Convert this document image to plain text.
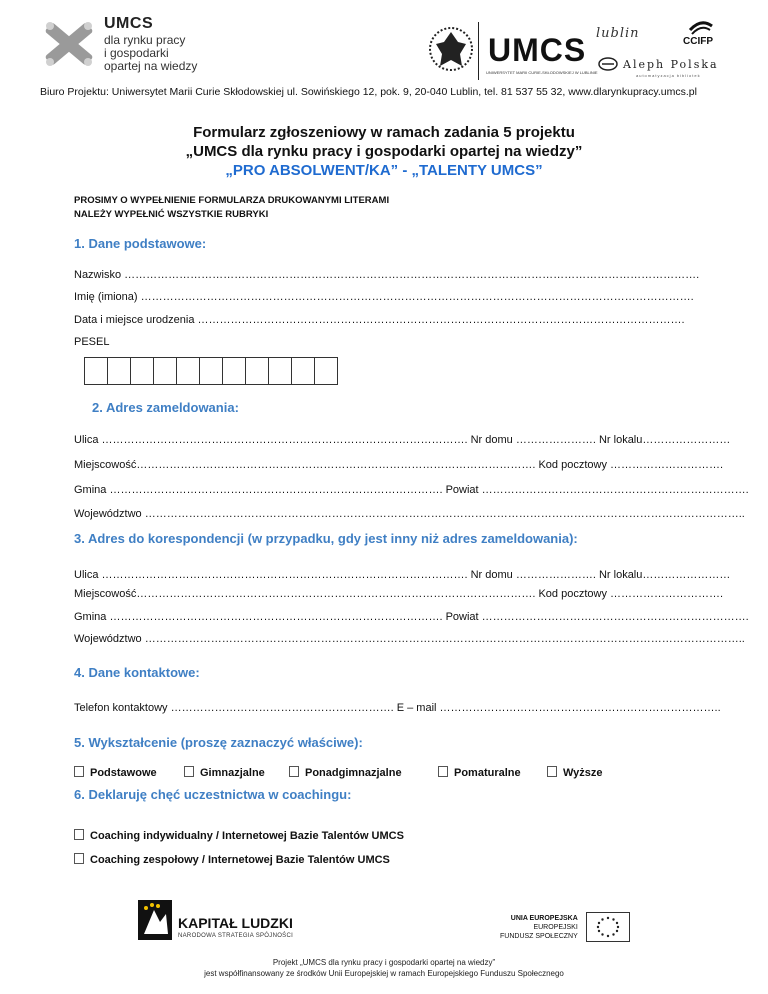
UMCS
dla rynku pracy
i gospodarki
opartej na wiedzy	UMCS
UNIWERSYTET MARII CURIE-SKŁODOWSKIEJ W LUBLINIE
lublin
CCIFP
Aleph Polska
automatyzacja bibliotek
Biuro Projektu: Uniwersytet Marii Curie Skłodowskiej ul. Sowińskiego 12, pok. 9, 20-040 Lublin, tel. 81 537 55 32, www.dlarynkupracy.umcs.pl
Formularz zgłoszeniowy w ramach zadania 5 projektu
„UMCS dla rynku pracy i gospodarki opartej na wiedzy”
„PRO ABSOLWENT/KA” - „TALENTY UMCS”
PROSIMY O WYPEŁNIENIE FORMULARZA DRUKOWANYMI LITERAMI
NALEŻY WYPEŁNIĆ WSZYSTKIE RUBRYKI
1. Dane podstawowe:
Nazwisko ………………………………………………………………………………………………………………………………………….
Imię (imiona) …………………………………………………………………………………………………………………………………….
Data i miejsce urodzenia …………………………………………………………………………………………………………………….
PESEL
2. Adres zameldowania:
Ulica ………………………………………………………………………………………. Nr domu …………………. Nr lokalu……………………
Miejscowość………………………………………………………………………………………………. Kod pocztowy ………………………….
Gmina ………………………………………………………………………………. Powiat ……………………………………………………………….
Województwo ………………………………………………………………………………………………………………………………………………..
3. Adres do korespondencji (w przypadku, gdy jest inny niż adres zameldowania):
Ulica ………………………………………………………………………………………. Nr domu …………………. Nr lokalu……………………
Miejscowość………………………………………………………………………………………………. Kod pocztowy ………………………….
Gmina ………………………………………………………………………………. Powiat ……………………………………………………………….
Województwo ………………………………………………………………………………………………………………………………………………..
4. Dane kontaktowe:
Telefon kontaktowy ……………………………………………………. E – mail …………………………………………………………………..
5. Wykształcenie (proszę zaznaczyć właściwe):
Podstawowe	Gimnazjalne	Ponadgimnazjalne	Pomaturalne	Wyższe
6. Deklaruję chęć uczestnictwa w coachingu:
Coaching indywidualny / Internetowej Bazie Talentów UMCS
Coaching zespołowy / Internetowej Bazie Talentów UMCS
KAPITAŁ LUDZKI
NARODOWA STRATEGIA SPÓJNOŚCI
UNIA EUROPEJSKA
EUROPEJSKI
FUNDUSZ SPOŁECZNY
Projekt „UMCS dla rynku pracy i gospodarki opartej na wiedzy”
jest współfinansowany ze środków Unii Europejskiej w ramach Europejskiego Funduszu Społecznego
